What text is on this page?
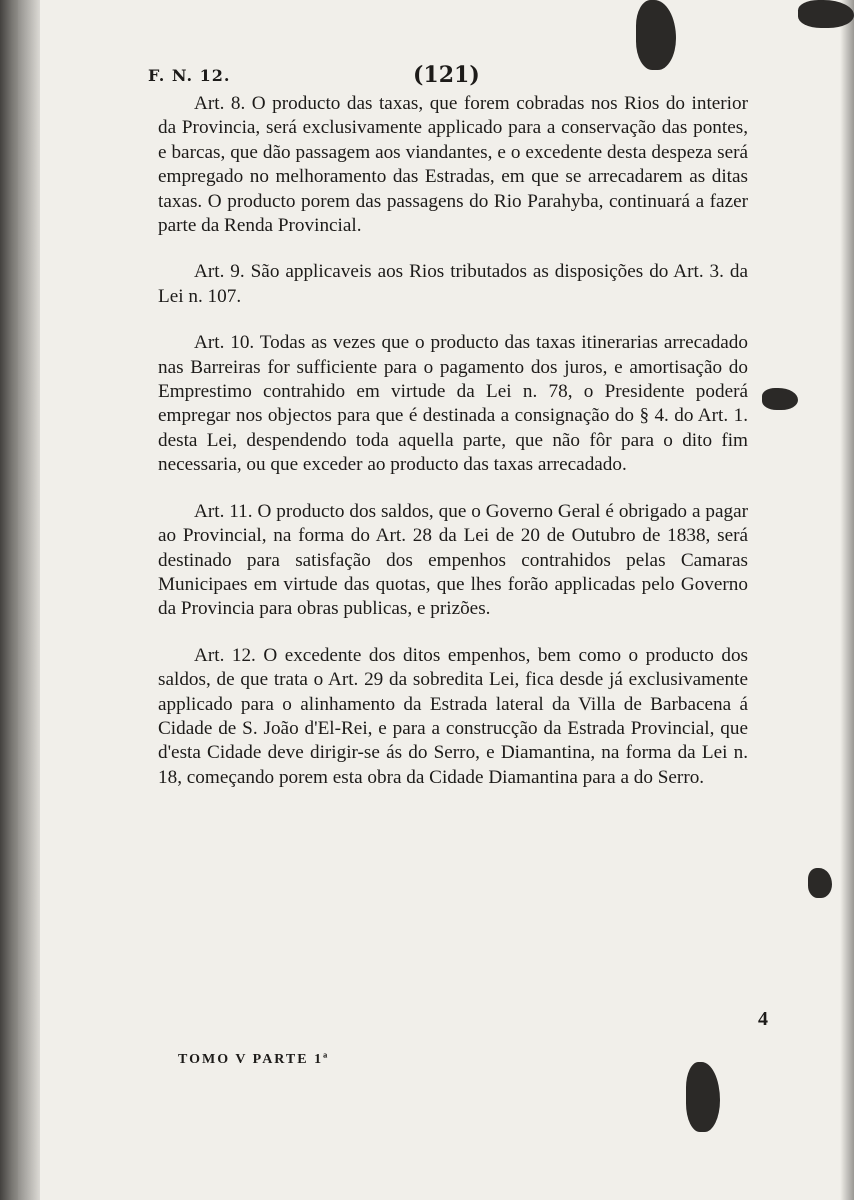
F. N. 12.	(121)

Art. 8. O producto das taxas, que forem cobradas nos Rios do interior da Provincia, será exclusivamente applicado para a conservação das pontes, e barcas, que dão passagem aos viandantes, e o excedente desta despeza será empregado no melhoramento das Estradas, em que se arrecadarem as ditas taxas. O producto porem das passagens do Rio Parahyba, continuará a fazer parte da Renda Provincial.

Art. 9. São applicaveis aos Rios tributados as disposições do Art. 3. da Lei n. 107.

Art. 10. Todas as vezes que o producto das taxas itinerarias arrecadado nas Barreiras for sufficiente para o pagamento dos juros, e amortisação do Emprestimo contrahido em virtude da Lei n. 78, o Presidente poderá empregar nos objectos para que é destinada a consignação do § 4. do Art. 1. desta Lei, despendendo toda aquella parte, que não fôr para o dito fim necessaria, ou que exceder ao producto das taxas arrecadado.

Art. 11. O producto dos saldos, que o Governo Geral é obrigado a pagar ao Provincial, na forma do Art. 28 da Lei de 20 de Outubro de 1838, será destinado para satisfação dos empenhos contrahidos pelas Camaras Municipaes em virtude das quotas, que lhes forão applicadas pelo Governo da Provincia para obras publicas, e prizões.

Art. 12. O excedente dos ditos empenhos, bem como o producto dos saldos, de que trata o Art. 29 da sobredita Lei, fica desde já exclusivamente applicado para o alinhamento da Estrada lateral da Villa de Barbacena á Cidade de S. João d'El-Rei, e para a construcção da Estrada Provincial, que d'esta Cidade deve dirigir-se ás do Serro, e Diamantina, na forma da Lei n. 18, começando porem esta obra da Cidade Diamantina para a do Serro.

4
TOMO V PARTE 1ª
